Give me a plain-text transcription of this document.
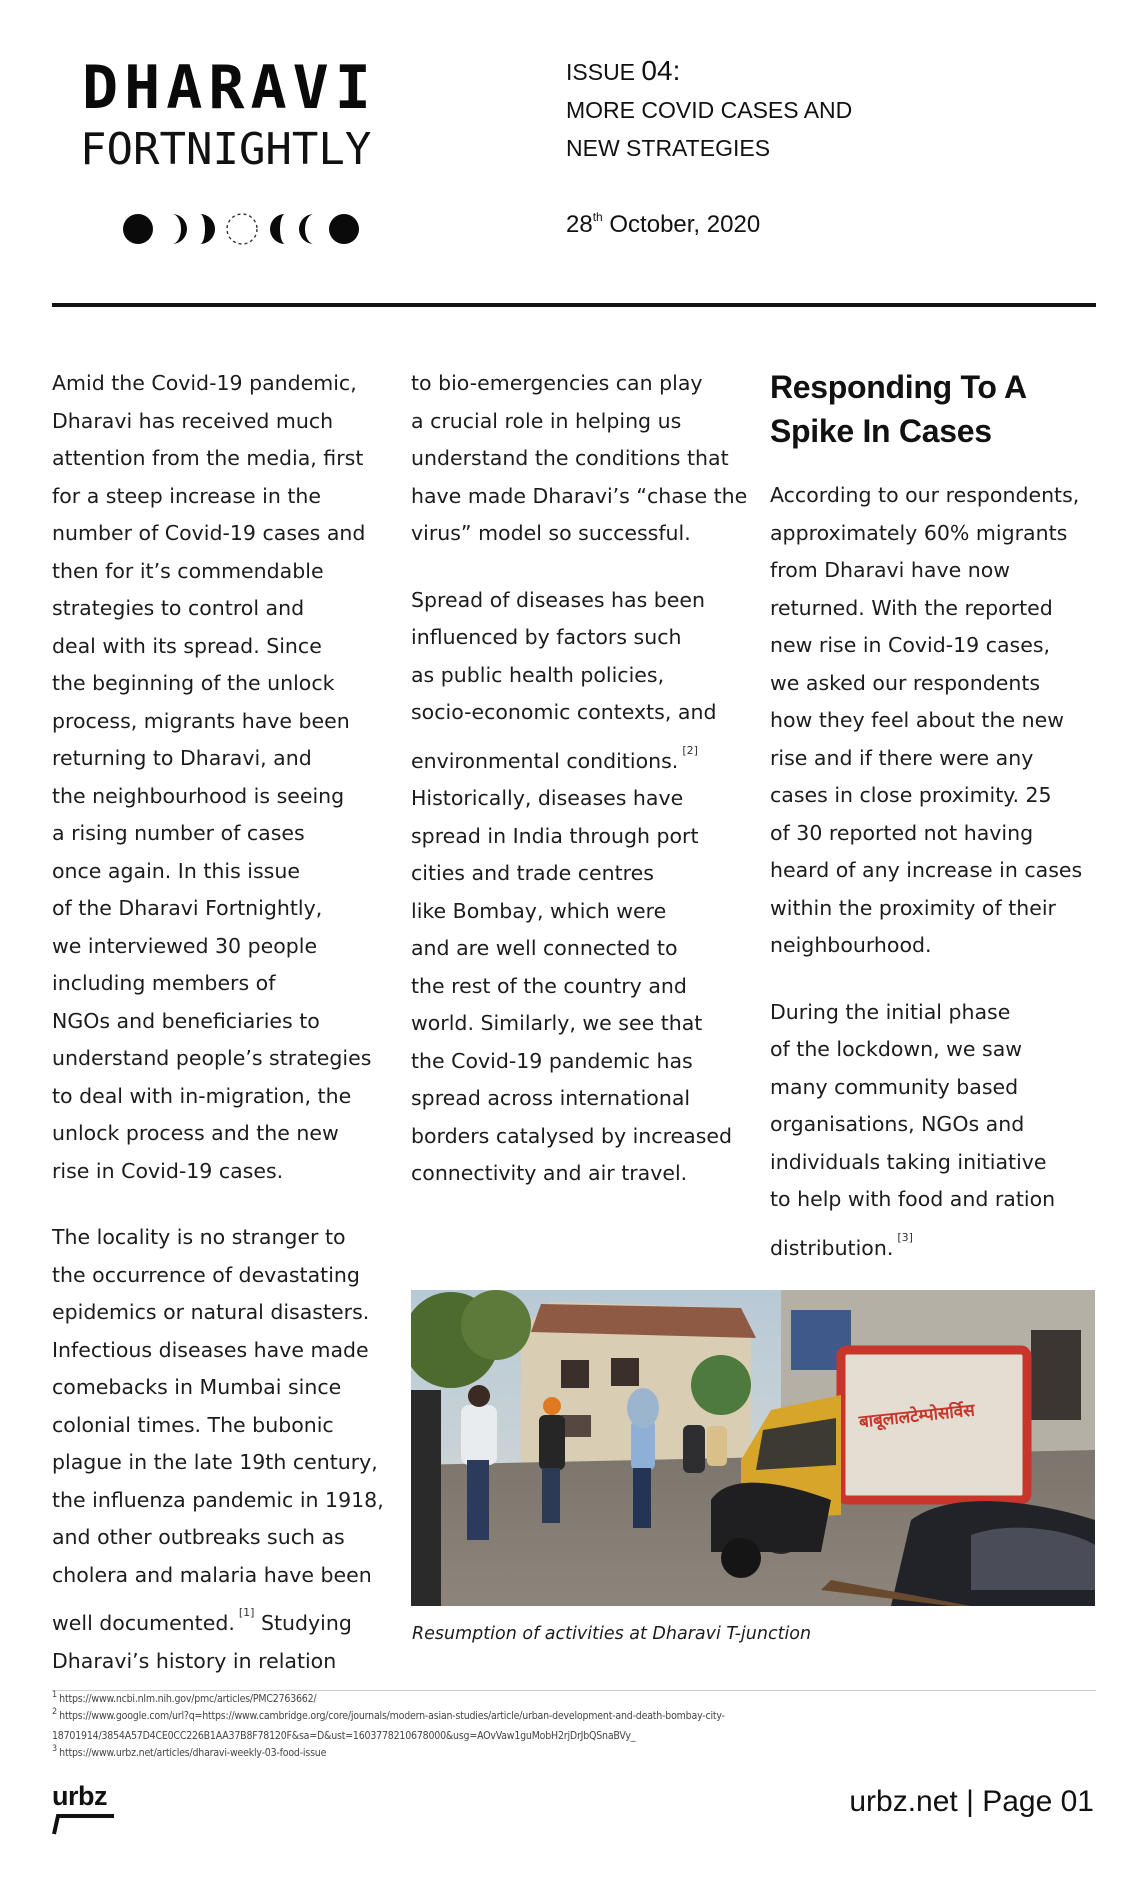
DHARAVI
FORTNIGHTLY
ISSUE 04:
MORE COVID CASES AND
NEW STRATEGIES
28th October, 2020

Amid the Covid-19 pandemic,
Dharavi has received much
attention from the media, first
for a steep increase in the
number of Covid-19 cases and
then for it’s commendable
strategies to control and
deal with its spread. Since
the beginning of the unlock
process, migrants have been
returning to Dharavi, and
the neighbourhood is seeing
a rising number of cases
once again. In this issue
of the Dharavi Fortnightly,
we interviewed 30 people
including members of
NGOs and beneficiaries to
understand people’s strategies
to deal with in-migration, the
unlock process and the new
rise in Covid-19 cases.

The locality is no stranger to
the occurrence of devastating
epidemics or natural disasters.
Infectious diseases have made
comebacks in Mumbai since
colonial times. The bubonic
plague in the late 19th century,
the influenza pandemic in 1918,
and other outbreaks such as
cholera and malaria have been

well documented. [1] Studying

Dharavi’s history in relation

to bio-emergencies can play
a crucial role in helping us
understand the conditions that
have made Dharavi’s “chase the
virus” model so successful.

Spread of diseases has been
influenced by factors such
as public health policies,
socio-economic contexts, and

environmental conditions. [2]

Historically, diseases have
spread in India through port
cities and trade centres
like Bombay, which were
and are well connected to
the rest of the country and
world. Similarly, we see that
the Covid-19 pandemic has
spread across international
borders catalysed by increased
connectivity and air travel.

Responding To A
Spike In Cases

According to our respondents,
approximately 60% migrants
from Dharavi have now
returned. With the reported
new rise in Covid-19 cases,
we asked our respondents
how they feel about the new
rise and if there were any
cases in close proximity. 25
of 30 reported not having
heard of any increase in cases
within the proximity of their
neighbourhood.

During the initial phase
of the lockdown, we saw
many community based
organisations, NGOs and
individuals taking initiative
to help with food and ration

distribution. [3]

बाबूलालटेम्पोसर्विस
Resumption of activities at Dharavi T-junction

1 https://www.ncbi.nlm.nih.gov/pmc/articles/PMC2763662/

2 https://www.google.com/url?q=https://www.cambridge.org/core/journals/modern-asian-studies/article/urban-development-and-death-bombay-city-

18701914/3854A57D4CE0CC226B1AA37B8F78120F&sa=D&ust=1603778210678000&usg=AOvVaw1guMobH2rjDrJbQSnaBVy_

3 https://www.urbz.net/articles/dharavi-weekly-03-food-issue

urbz	urbz.net | Page 01
